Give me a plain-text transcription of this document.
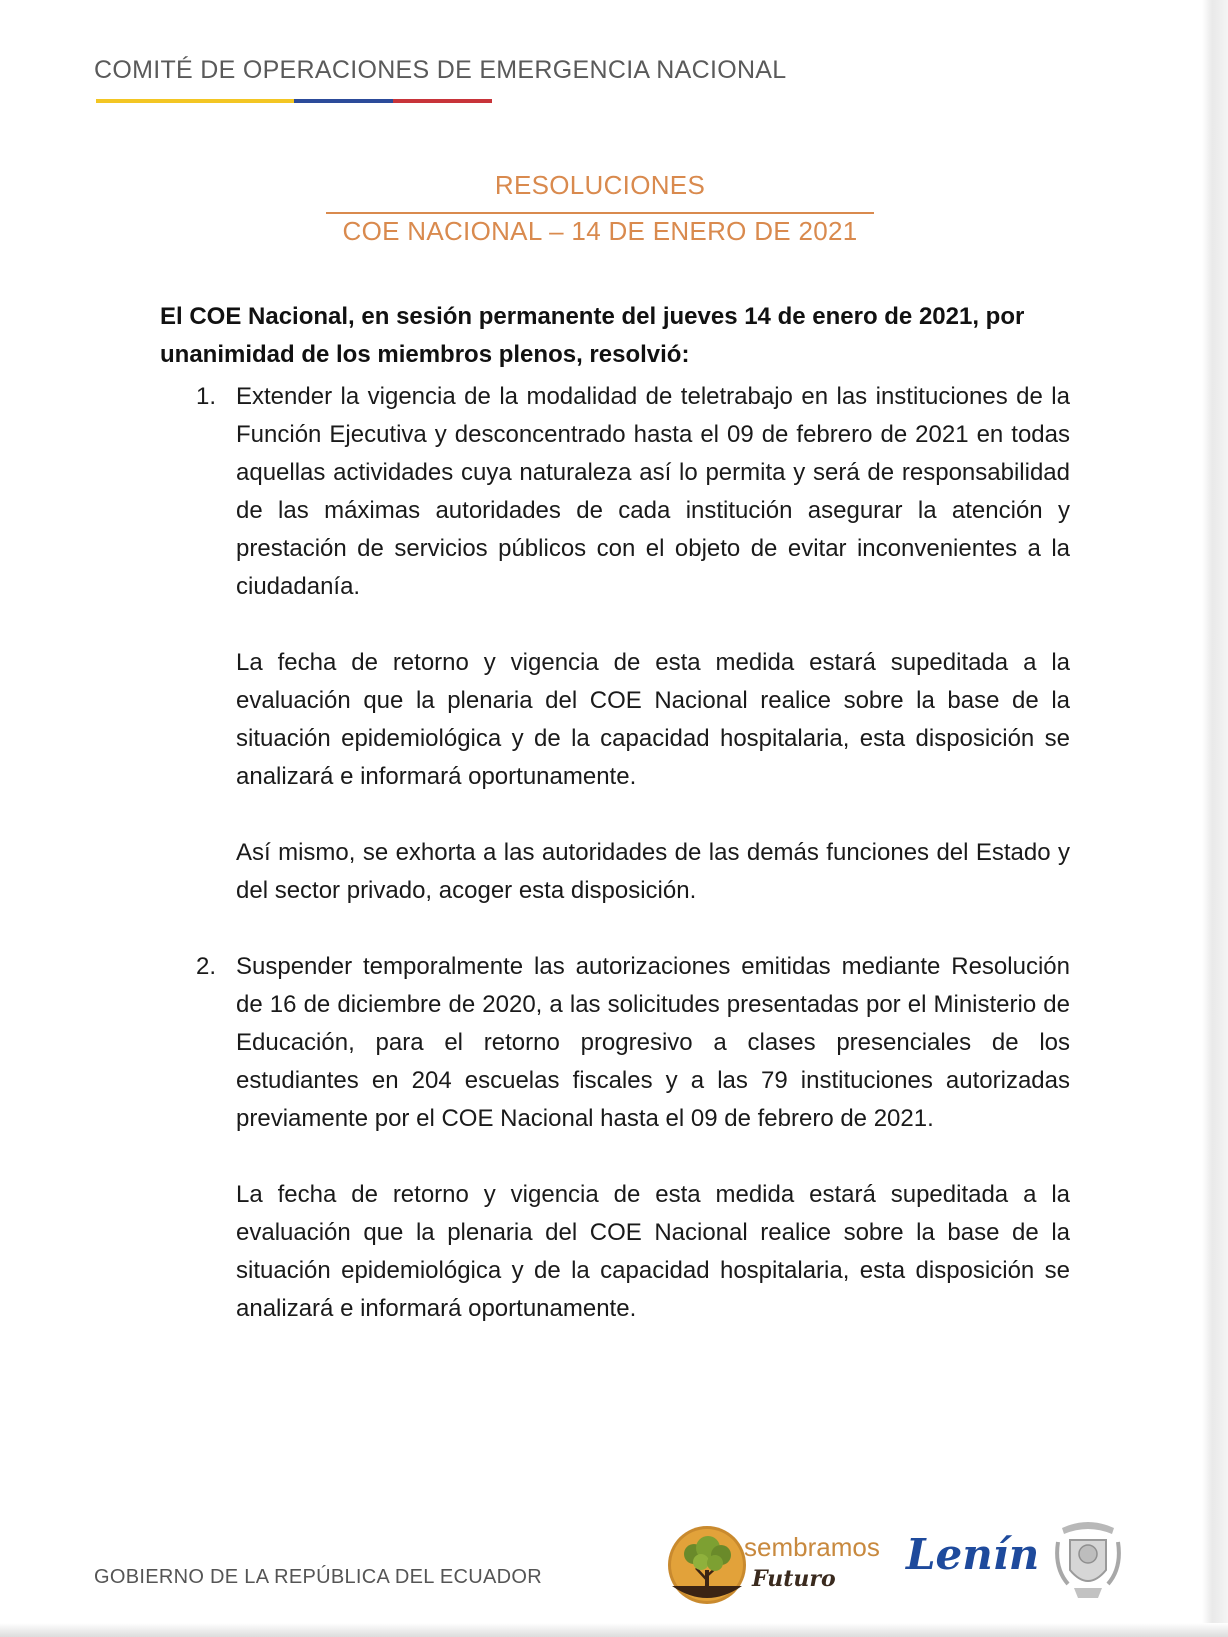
COMITÉ DE OPERACIONES DE EMERGENCIA NACIONAL
RESOLUCIONES
COE NACIONAL – 14 DE ENERO DE 2021
El COE Nacional, en sesión permanente del jueves 14 de enero de 2021, por unanimidad de los miembros plenos, resolvió:
1. Extender la vigencia de la modalidad de teletrabajo en las instituciones de la Función Ejecutiva y desconcentrado hasta el 09 de febrero de 2021 en todas aquellas actividades cuya naturaleza así lo permita y será de responsabilidad de las máximas autoridades de cada institución asegurar la atención y prestación de servicios públicos con el objeto de evitar inconvenientes a la ciudadanía.

La fecha de retorno y vigencia de esta medida estará supeditada a la evaluación que la plenaria del COE Nacional realice sobre la base de la situación epidemiológica y de la capacidad hospitalaria, esta disposición se analizará e informará oportunamente.

Así mismo, se exhorta a las autoridades de las demás funciones del Estado y del sector privado, acoger esta disposición.

2. Suspender temporalmente las autorizaciones emitidas mediante Resolución de 16 de diciembre de 2020, a las solicitudes presentadas por el Ministerio de Educación, para el retorno progresivo a clases presenciales de los estudiantes en 204 escuelas fiscales y a las 79 instituciones autorizadas previamente por el COE Nacional hasta el 09 de febrero de 2021.

La fecha de retorno y vigencia de esta medida estará supeditada a la evaluación que la plenaria del COE Nacional realice sobre la base de la situación epidemiológica y de la capacidad hospitalaria, esta disposición se analizará e informará oportunamente.

GOBIERNO DE LA REPÚBLICA DEL ECUADOR
sembramos
Futuro Lenín
